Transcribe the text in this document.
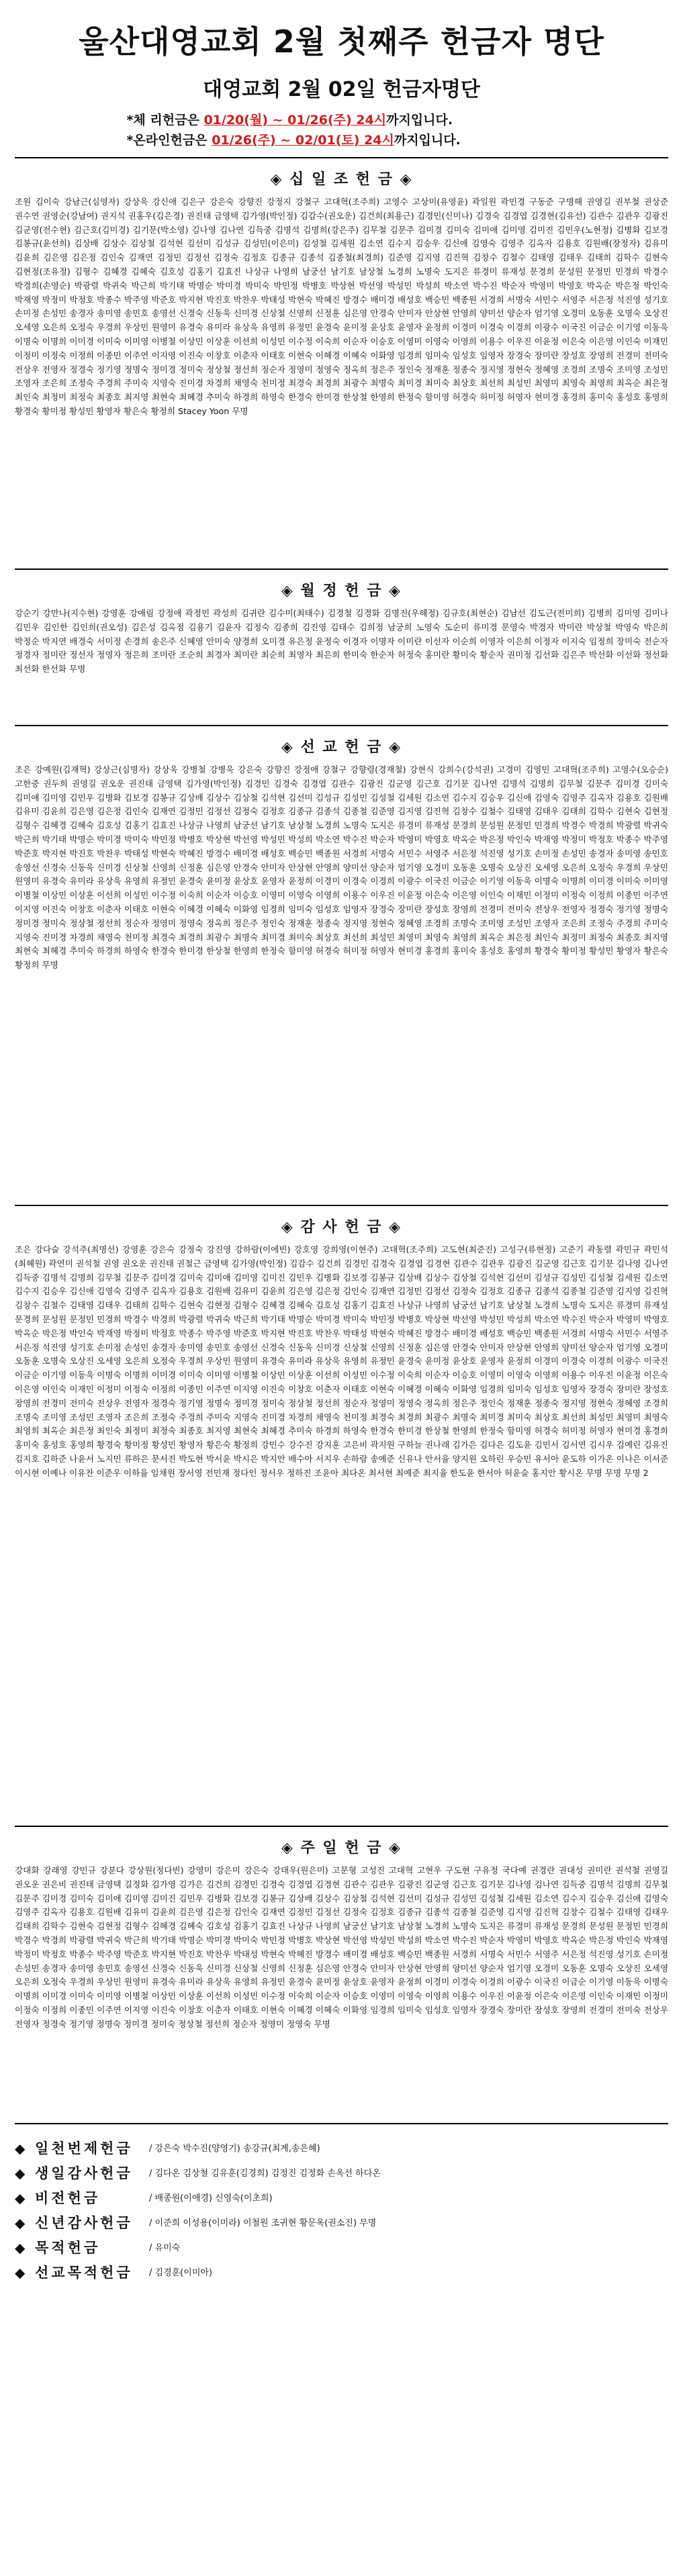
울산대영교회 2월 첫째주 헌금자 명단
대영교회 2월 02일 헌금자명단
*체 리헌금은 01/20(월) ~ 01/26(주) 24시까지입니다.
*온라인헌금은 01/26(주) ~ 02/01(토) 24시까지입니다.
◈ 십 일 조 헌 금 ◈
조원 김이숙 강남근(심영자) 강상욱 강신애 김은구 강은숙 강향진 강정지 강철구 고대혁(조주희) 고영수 고상미(유영윤) 곽일원 곽민경 구동준 구명해 권영길 권부철 권상준 권수연 권영순(강남여) 권지석 권홍우(김은경) 권진태 금영택 김가영(박인정) 김감수(권오운) 김건희(최용근) 김경민(신미나) 김경숙 김경엽 김경현(김유선) 김관수 김관우 김광진 김군영(전수현) 김근호(김미경) 김기문(박소영) 김나영 김나연 김득중 김명석 김명희(강은주) 김무철 김문주 김미경 김미숙 김미애 김미영 김미진 김민우(노현정) 김병화 김보경 김봉규(윤선희) 김상배 김상수 김상철 김석현 김선미 김성규 김성민(이은미) 김성철 김세원 김소연 김수지 김승우 김신애 김영숙 김영주 김옥자 김용호 김원배(장정자) 김유미 김윤희 김은영 김은정 김인숙 김재연 김정민 김정선 김정숙 김정호 김종규 김종석 김종철(최경희) 김준영 김지영 김진혁 김창수 김철수 김태영 김태우 김태희 김학수 김현숙 김현정(조유정) 김형수 김혜경 김혜숙 김호성 김홍기 김효진 나상규 나영희 남궁선 남기호 남상철 노경희 노명숙 도지은 류경미 류재성 문경희 문성원 문정민 민경희 박경수 박경희(손영순) 박광렬 박귀숙 박근희 박기태 박명순 박미경 박미숙 박민정 박병호 박상현 박선영 박성민 박성희 박소연 박수진 박순자 박영미 박영호 박옥순 박은정 박인숙 박재영 박정미 박정호 박종수 박주영 박준호 박지현 박진호 박찬우 박태성 박현숙 박혜진 방경수 배미경 배성호 백승민 백종원 서경희 서명숙 서민수 서영주 서은정 석진영 성기호 손미정 손성민 송경자 송미영 송민호 송영선 신경숙 신동욱 신미경 신상철 신영희 신정훈 심은영 안경숙 안미자 안상현 안영희 양미선 양순자 엄기영 오경미 오동훈 오명숙 오상진 오세영 오은희 오정숙 우경희 우상민 원영미 유경숙 유미라 유상욱 유영희 유정민 윤경숙 윤미정 윤상호 윤영자 윤정희 이경미 이경숙 이경희 이광수 이국진 이금순 이기영 이동욱 이명숙 이명희 이미경 이미숙 이미영 이병철 이상민 이상훈 이선희 이성민 이수정 이숙희 이순자 이승호 이영미 이영숙 이영희 이용수 이우진 이윤정 이은숙 이은영 이인숙 이재민 이정미 이정숙 이정희 이종민 이주연 이지영 이진숙 이창호 이춘자 이태호 이현숙 이혜경 이혜숙 이화영 임경희 임미숙 임성호 임영자 장경숙 장미란 장성호 장영희 전경미 전미숙 전상우 전영자 정경숙 정기영 정명숙 정미경 정미숙 정상철 정선희 정순자 정영미 정영숙 정옥희 정은주 정인숙 정재훈 정종숙 정지영 정현숙 정혜영 조경희 조명숙 조미영 조성민 조영자 조은희 조정숙 주경희 주미숙 지영숙 진미경 차경희 채영숙 천미정 최경숙 최경희 최광수 최명숙 최미경 최미숙 최상호 최선희 최성민 최영미 최영숙 최영희 최옥순 최은정 최인숙 최정미 최정숙 최종호 최지영 최현숙 최혜경 추미숙 하경희 하영숙 한경숙 한미경 한상철 한영희 한정숙 함미영 허경숙 허미정 허영자 현미경 홍경희 홍미숙 홍성호 홍영희 황경숙 황미정 황성민 황영자 황은숙 황정희 Stacey Yoon 무명
◈ 월 정 헌 금 ◈
강순기 강만나(지수현) 강영훈 강애림 강정애 곽정민 곽성희 김귀란 김수미(최태수) 김경철 김경화 김명진(우해정) 김규호(최현순) 김남선 김도근(전미희) 김병희 김미영 김미나 김민우 김인한 김인희(권오성) 김은성 김옥점 김용기 김윤자 김정숙 김종희 김진영 김태수 김희정 남궁희 노영숙 도순미 류미경 문영숙 박경자 박미란 박상철 박영숙 박은희 박정순 박지연 배경숙 서미정 손경희 송은주 신혜영 안미숙 양경희 오미경 유은정 윤정숙 이경자 이명자 이미란 이선자 이순희 이영자 이은희 이정자 이지숙 임정희 장미숙 전순자 정경자 정미란 정선자 정영자 정은희 조미란 조순희 최경자 최미란 최순희 최영자 최은희 한미숙 한순자 허정숙 홍미란 황미숙 황순자 권미정 김선화 김은주 박선화 이선화 정선화 최선화 한선화 무명
◈ 선 교 헌 금 ◈
조은 강예원(김재혁) 강상근(심명자) 강상욱 강병철 강병욱 강은숙 강향진 강정애 강철구 강향령(경재철) 강현식 강희수(강석권) 고경미 김영민 고대혁(조주희) 고영수(오승순) 고한중 권두희 권영길 권오운 권진태 금영택 김가영(박인정) 김경민 김경숙 김경엽 김관수 김광진 김군영 김근호 김기문 김나연 김명석 김명희 김무철 김문주 김미경 김미숙 김미애 김미영 김민우 김병화 김보경 김봉규 김상배 김상수 김상철 김석현 김선미 김성규 김성민 김성철 김세원 김소연 김수지 김승우 김신애 김영숙 김영주 김옥자 김용호 김원배 김유미 김윤희 김은영 김은정 김인숙 김재연 김정민 김정선 김정숙 김정호 김종규 김종석 김종철 김준영 김지영 김진혁 김창수 김철수 김태영 김태우 김태희 김학수 김현숙 김현정 김형수 김혜경 김혜숙 김호성 김홍기 김효진 나상규 나영희 남궁선 남기호 남상철 노경희 노명숙 도지은 류경미 류재성 문경희 문성원 문정민 민경희 박경수 박경희 박광렬 박귀숙 박근희 박기태 박명순 박미경 박미숙 박민정 박병호 박상현 박선영 박성민 박성희 박소연 박수진 박순자 박영미 박영호 박옥순 박은정 박인숙 박재영 박정미 박정호 박종수 박주영 박준호 박지현 박진호 박찬우 박태성 박현숙 박혜진 방경수 배미경 배성호 백승민 백종원 서경희 서명숙 서민수 서영주 서은정 석진영 성기호 손미정 손성민 송경자 송미영 송민호 송영선 신경숙 신동욱 신미경 신상철 신영희 신정훈 심은영 안경숙 안미자 안상현 안영희 양미선 양순자 엄기영 오경미 오동훈 오명숙 오상진 오세영 오은희 오정숙 우경희 우상민 원영미 유경숙 유미라 유상욱 유영희 유정민 윤경숙 윤미정 윤상호 윤영자 윤정희 이경미 이경숙 이경희 이광수 이국진 이금순 이기영 이동욱 이명숙 이명희 이미경 이미숙 이미영 이병철 이상민 이상훈 이선희 이성민 이수정 이숙희 이순자 이승호 이영미 이영숙 이영희 이용수 이우진 이윤정 이은숙 이은영 이인숙 이재민 이정미 이정숙 이정희 이종민 이주연 이지영 이진숙 이창호 이춘자 이태호 이현숙 이혜경 이혜숙 이화영 임경희 임미숙 임성호 임영자 장경숙 장미란 장성호 장영희 전경미 전미숙 전상우 전영자 정경숙 정기영 정명숙 정미경 정미숙 정상철 정선희 정순자 정영미 정영숙 정옥희 정은주 정인숙 정재훈 정종숙 정지영 정현숙 정혜영 조경희 조명숙 조미영 조성민 조영자 조은희 조정숙 주경희 주미숙 지영숙 진미경 차경희 채영숙 천미정 최경숙 최경희 최광수 최명숙 최미경 최미숙 최상호 최선희 최성민 최영미 최영숙 최영희 최옥순 최은정 최인숙 최정미 최정숙 최종호 최지영 최현숙 최혜경 추미숙 하경희 하영숙 한경숙 한미경 한상철 한영희 한정숙 함미영 허경숙 허미정 허영자 현미경 홍경희 홍미숙 홍성호 홍영희 황경숙 황미정 황성민 황영자 황은숙 황정희 무명
◈ 감 사 헌 금 ◈
조은 강다슬 강석주(최명선) 강영훈 강은숙 강정숙 강진영 강하람(이에빈) 강호영 강희영(이현주) 고대혁(조주희) 고도현(최준진) 고성구(류현정) 고준기 곽동렬 곽민규 곽민석(최혜원) 곽연미 권석철 권영 권오운 권진태 권철근 금영택 김가영(박인정) 김감수 김건희 김경민 김경숙 김경엽 김경현 김관수 김관우 김광진 김군영 김근호 김기문 김나영 김나연 김득중 김명석 김명희 김무철 김문주 김미경 김미숙 김미애 김미영 김미진 김민우 김병화 김보경 김봉규 김상배 김상수 김상철 김석현 김선미 김성규 김성민 김성철 김세원 김소연 김수지 김승우 김신애 김영숙 김영주 김옥자 김용호 김원배 김유미 김윤희 김은영 김은정 김인숙 김재연 김정민 김정선 김정숙 김정호 김종규 김종석 김종철 김준영 김지영 김진혁 김창수 김철수 김태영 김태우 김태희 김학수 김현숙 김현정 김형수 김혜경 김혜숙 김호성 김홍기 김효진 나상규 나영희 남궁선 남기호 남상철 노경희 노명숙 도지은 류경미 류재성 문경희 문성원 문정민 민경희 박경수 박경희 박광렬 박귀숙 박근희 박기태 박명순 박미경 박미숙 박민정 박병호 박상현 박선영 박성민 박성희 박소연 박수진 박순자 박영미 박영호 박옥순 박은정 박인숙 박재영 박정미 박정호 박종수 박주영 박준호 박지현 박진호 박찬우 박태성 박현숙 박혜진 방경수 배미경 배성호 백승민 백종원 서경희 서명숙 서민수 서영주 서은정 석진영 성기호 손미정 손성민 송경자 송미영 송민호 송영선 신경숙 신동욱 신미경 신상철 신영희 신정훈 심은영 안경숙 안미자 안상현 안영희 양미선 양순자 엄기영 오경미 오동훈 오명숙 오상진 오세영 오은희 오정숙 우경희 우상민 원영미 유경숙 유미라 유상욱 유영희 유정민 윤경숙 윤미정 윤상호 윤영자 윤정희 이경미 이경숙 이경희 이광수 이국진 이금순 이기영 이동욱 이명숙 이명희 이미경 이미숙 이미영 이병철 이상민 이상훈 이선희 이성민 이수정 이숙희 이순자 이승호 이영미 이영숙 이영희 이용수 이우진 이윤정 이은숙 이은영 이인숙 이재민 이정미 이정숙 이정희 이종민 이주연 이지영 이진숙 이창호 이춘자 이태호 이현숙 이혜경 이혜숙 이화영 임경희 임미숙 임성호 임영자 장경숙 장미란 장성호 장영희 전경미 전미숙 전상우 전영자 정경숙 정기영 정명숙 정미경 정미숙 정상철 정선희 정순자 정영미 정영숙 정옥희 정은주 정인숙 정재훈 정종숙 정지영 정현숙 정혜영 조경희 조명숙 조미영 조성민 조영자 조은희 조정숙 주경희 주미숙 지영숙 진미경 차경희 채영숙 천미정 최경숙 최경희 최광수 최명숙 최미경 최미숙 최상호 최선희 최성민 최영미 최영숙 최영희 최옥순 최은정 최인숙 최정미 최정숙 최종호 최지영 최현숙 최혜경 추미숙 하경희 하영숙 한경숙 한미경 한상철 한영희 한정숙 함미영 허경숙 허미정 허영자 현미경 홍경희 홍미숙 홍성호 홍영희 황경숙 황미정 황성민 황영자 황은숙 황정희 강민수 강수진 강지훈 고은비 곽지원 구하늘 권나래 김가은 김다은 김도윤 김민서 김서연 김시우 김예린 김유진 김지호 김하준 나윤서 노지민 류하은 문서진 박도현 박서윤 박시은 박지안 배수아 서지우 손하람 송예준 신유나 안서율 양지원 오하린 우승민 유서아 윤도하 이가온 이나은 이서준 이시현 이예나 이유찬 이준우 이하율 임채원 장서영 전민재 정다인 정서우 정하진 조윤아 최다온 최서현 최예준 최지율 한도윤 한서아 허윤슬 홍지안 황시온 무명 무명 무명 2
◈ 주 일 헌 금 ◈
강대화 강래영 강민규 강분다 강상원(정다빈) 강영미 강은미 강은숙 강태우(원은미) 고문형 고성진 고대혁 고현우 구도현 구유정 국다예 권경란 권대성 권미란 권석철 권영길 권오운 권은비 권진태 금영택 길정화 김가영 김가은 김건희 김경민 김경숙 김경엽 김경현 김관수 김관우 김광진 김군영 김근호 김기문 김나영 김나연 김득중 김명석 김명희 김무철 김문주 김미경 김미숙 김미애 김미영 김미진 김민우 김병화 김보경 김봉규 김상배 김상수 김상철 김석현 김선미 김성규 김성민 김성철 김세원 김소연 김수지 김승우 김신애 김영숙 김영주 김옥자 김용호 김원배 김유미 김윤희 김은영 김은정 김인숙 김재연 김정민 김정선 김정숙 김정호 김종규 김종석 김종철 김준영 김지영 김진혁 김창수 김철수 김태영 김태우 김태희 김학수 김현숙 김현정 김형수 김혜경 김혜숙 김호성 김홍기 김효진 나상규 나영희 남궁선 남기호 남상철 노경희 노명숙 도지은 류경미 류재성 문경희 문성원 문정민 민경희 박경수 박경희 박광렬 박귀숙 박근희 박기태 박명순 박미경 박미숙 박민정 박병호 박상현 박선영 박성민 박성희 박소연 박수진 박순자 박영미 박영호 박옥순 박은정 박인숙 박재영 박정미 박정호 박종수 박주영 박준호 박지현 박진호 박찬우 박태성 박현숙 박혜진 방경수 배미경 배성호 백승민 백종원 서경희 서명숙 서민수 서영주 서은정 석진영 성기호 손미정 손성민 송경자 송미영 송민호 송영선 신경숙 신동욱 신미경 신상철 신영희 신정훈 심은영 안경숙 안미자 안상현 안영희 양미선 양순자 엄기영 오경미 오동훈 오명숙 오상진 오세영 오은희 오정숙 우경희 우상민 원영미 유경숙 유미라 유상욱 유영희 유정민 윤경숙 윤미정 윤상호 윤영자 윤정희 이경미 이경숙 이경희 이광수 이국진 이금순 이기영 이동욱 이명숙 이명희 이미경 이미숙 이미영 이병철 이상민 이상훈 이선희 이성민 이수정 이숙희 이순자 이승호 이영미 이영숙 이영희 이용수 이우진 이윤정 이은숙 이은영 이인숙 이재민 이정미 이정숙 이정희 이종민 이주연 이지영 이진숙 이창호 이춘자 이태호 이현숙 이혜경 이혜숙 이화영 임경희 임미숙 임성호 임영자 장경숙 장미란 장성호 장영희 전경미 전미숙 전상우 전영자 정경숙 정기영 정명숙 정미경 정미숙 정상철 정선희 정순자 정영미 정영숙 무명
◆ 일천번제헌금	/ 강은숙 박수진(양영기) 송강규(최계,송은혜)
◆ 생일감사헌금	/ 김다온 김상철 김유훈(김경희) 김정진 김정화 손옥선 하다온
◆ 비전헌금	/ 배종원(이애경) 신영숙(이초희)
◆ 신년감사헌금	/ 이준희 이성용(이미라) 이철원 조귀현 황문옥(권소진) 무명
◆ 목적헌금	/ 유미숙
◆ 선교목적헌금	/ 김경훈(이미아)
